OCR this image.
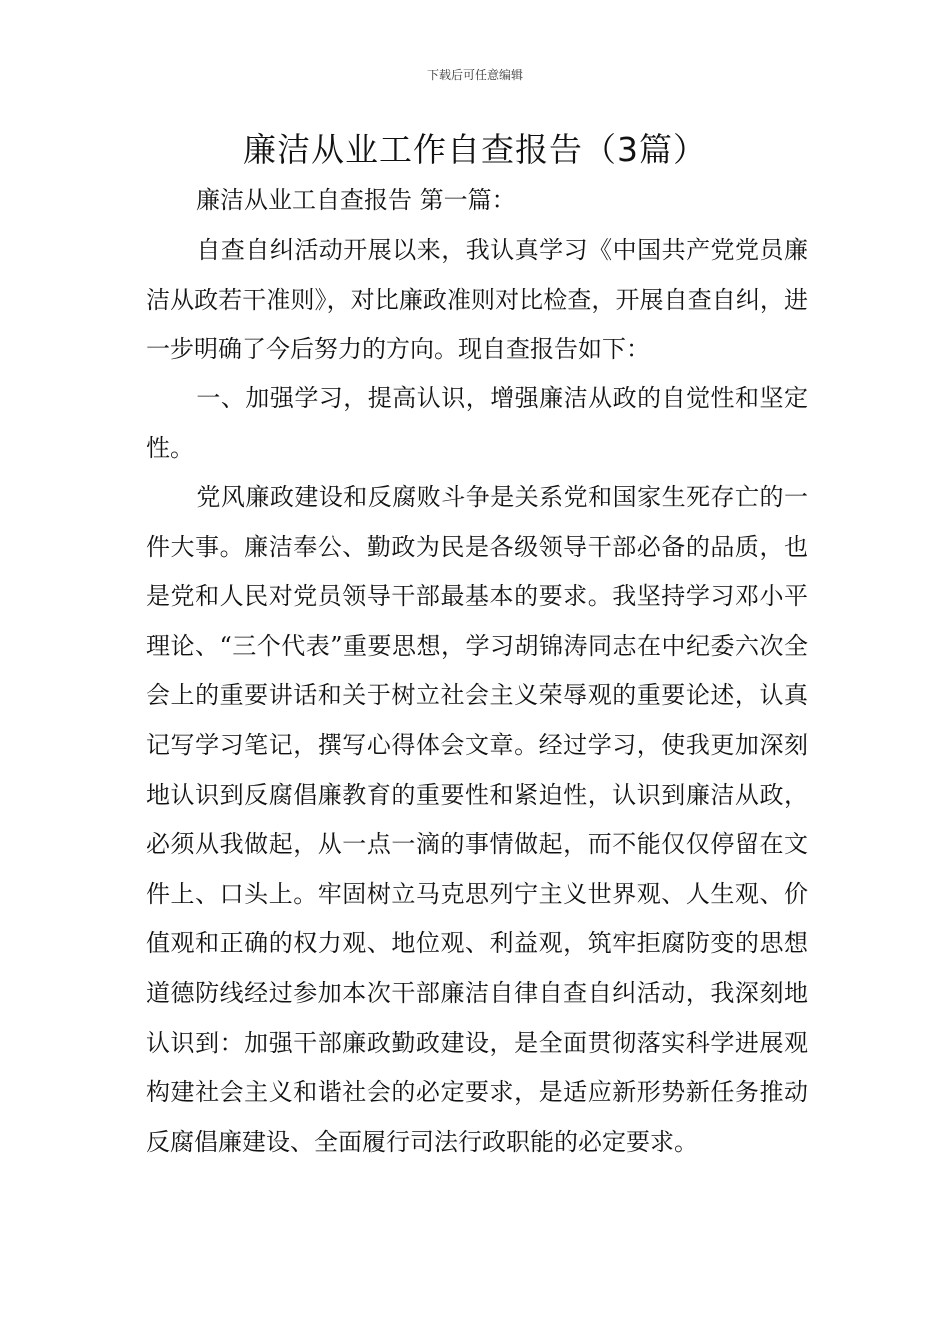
下载后可任意编辑
廉洁从业工作自查报告（3篇）
廉洁从业工自查报告 第一篇：

自查自纠活动开展以来，我认真学习《中国共产党党员廉洁从政若干准则》，对比廉政准则对比检查，开展自查自纠，进一步明确了今后努力的方向。现自查报告如下：

一、加强学习，提高认识，增强廉洁从政的自觉性和坚定性。

党风廉政建设和反腐败斗争是关系党和国家生死存亡的一件大事。廉洁奉公、勤政为民是各级领导干部必备的品质，也是党和人民对党员领导干部最基本的要求。我坚持学习邓小平理论、“三个代表”重要思想，学习胡锦涛同志在中纪委六次全会上的重要讲话和关于树立社会主义荣辱观的重要论述，认真记写学习笔记，撰写心得体会文章。经过学习，使我更加深刻地认识到反腐倡廉教育的重要性和紧迫性，认识到廉洁从政，必须从我做起，从一点一滴的事情做起，而不能仅仅停留在文件上、口头上。牢固树立马克思列宁主义世界观、人生观、价值观和正确的权力观、地位观、利益观，筑牢拒腐防变的思想道德防线经过参加本次干部廉洁自律自查自纠活动，我深刻地认识到：加强干部廉政勤政建设，是全面贯彻落实科学进展观构建社会主义和谐社会的必定要求，是适应新形势新任务推动反腐倡廉建设、全面履行司法行政职能的必定要求。
